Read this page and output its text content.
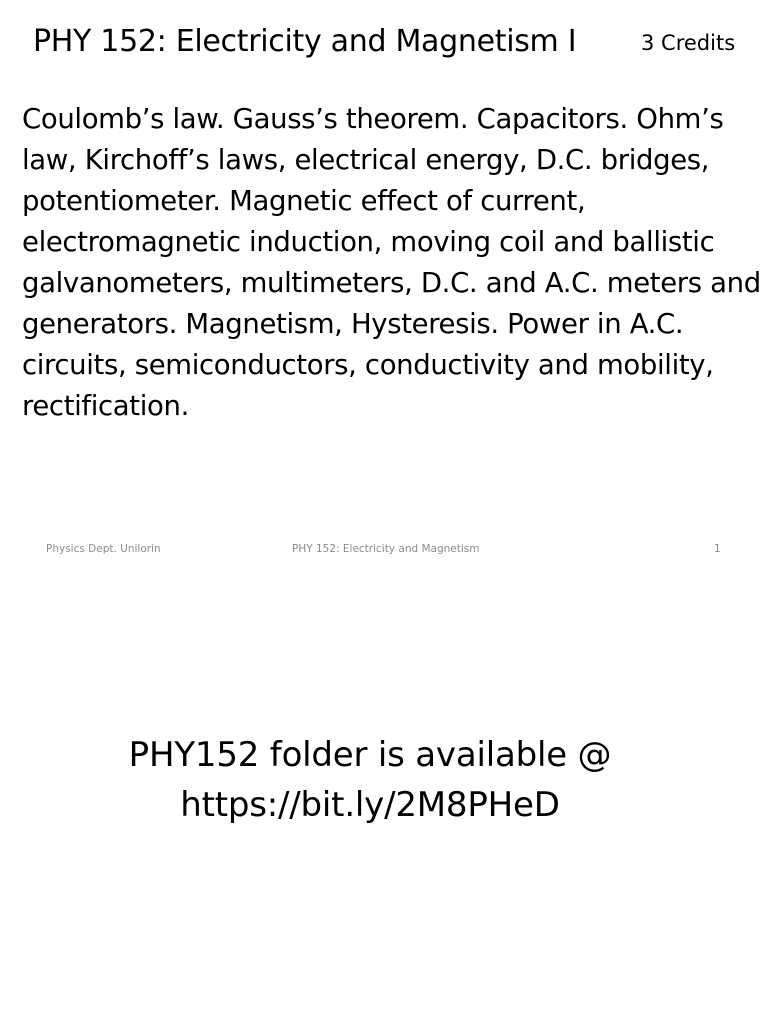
PHY 152: Electricity and Magnetism I	3 Credits

Coulomb’s law. Gauss’s theorem. Capacitors. Ohm’s law, Kirchoff’s laws, electrical energy, D.C. bridges, potentiometer. Magnetic effect of current, electromagnetic induction, moving coil and ballistic galvanometers, multimeters, D.C. and A.C. meters and generators. Magnetism, Hysteresis. Power in A.C. circuits, semiconductors, conductivity and mobility, rectification.

Physics Dept. Unilorin	PHY 152: Electricity and Magnetism	1
PHY152 folder is available @
https://bit.ly/2M8PHeD
